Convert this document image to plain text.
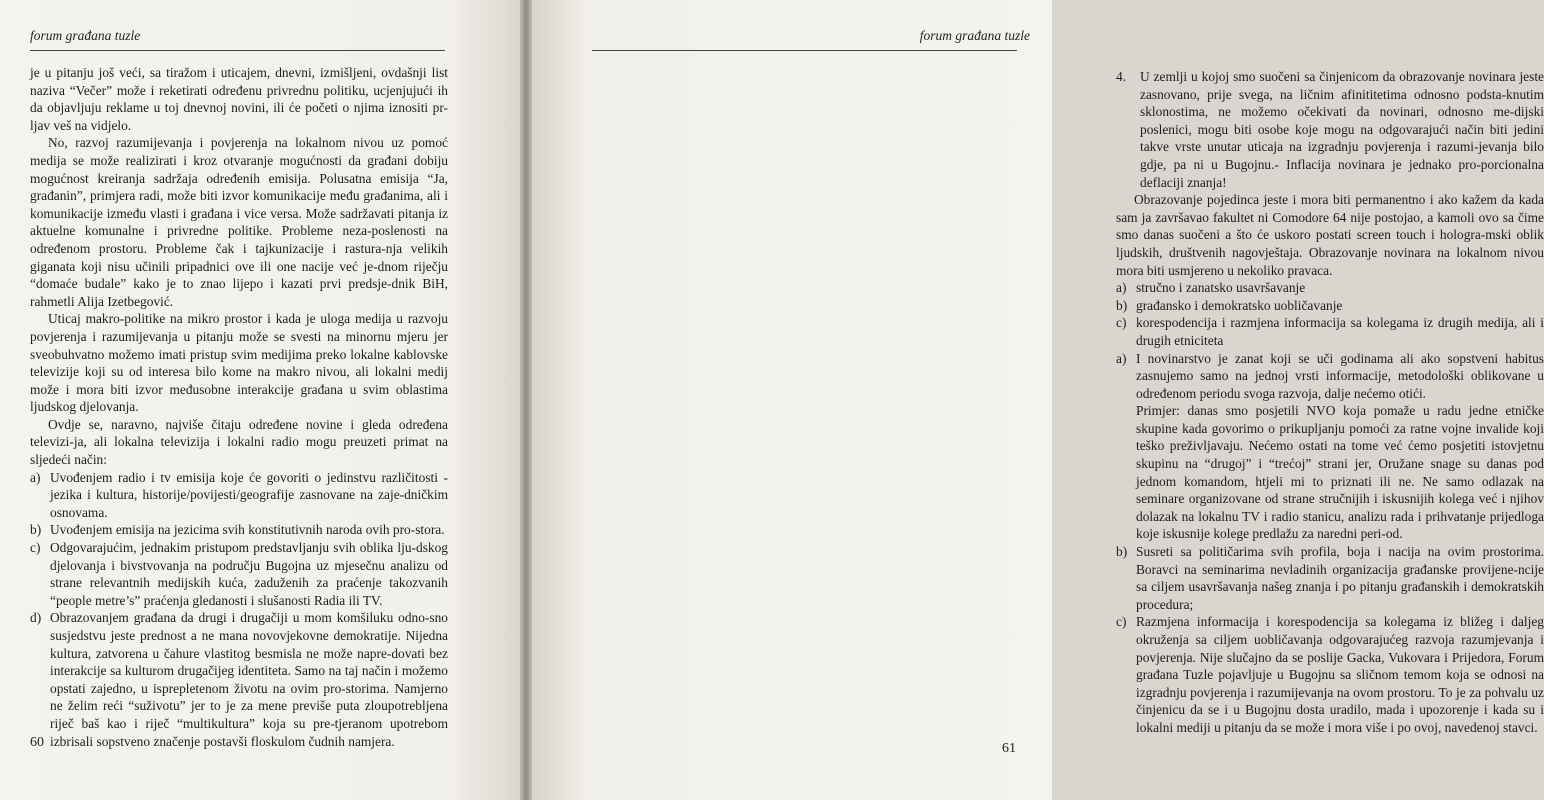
forum građana tuzle

je u pitanju još veći, sa tiražom i uticajem, dnevni, izmišljeni, ovdašnji list naziva “Večer” može i reketirati određenu privrednu politiku, ucjenjujući ih da objavljuju reklame u toj dnevnoj novini, ili će početi o njima iznositi pr-ljav veš na vidjelo.

No, razvoj razumijevanja i povjerenja na lokalnom nivou uz pomoć medija se može realizirati i kroz otvaranje mogućnosti da građani dobiju mogućnost kreiranja sadržaja određenih emisija. Polusatna emisija “Ja, građanin”, primjera radi, može biti izvor komunikacije među građanima, ali i komunikacije između vlasti i građana i vice versa. Može sadržavati pitanja iz aktuelne komunalne i privredne politike. Probleme neza-poslenosti na određenom prostoru. Probleme čak i tajkunizacije i rastura-nja velikih giganata koji nisu učinili pripadnici ove ili one nacije već je-dnom riječju “domaće budale” kako je to znao lijepo i kazati prvi predsje-dnik BiH, rahmetli Alija Izetbegović.

Uticaj makro-politike na mikro prostor i kada je uloga medija u razvoju povjerenja i razumijevanja u pitanju može se svesti na minornu mjeru jer sveobuhvatno možemo imati pristup svim medijima preko lokalne kablovske televizije koji su od interesa bilo kome na makro nivou, ali lokalni medij može i mora biti izvor međusobne interakcije građana u svim oblastima ljudskog djelovanja.

Ovdje se, naravno, najviše čitaju određene novine i gleda određena televizi-ja, ali lokalna televizija i lokalni radio mogu preuzeti primat na sljedeći način:

a) Uvođenjem radio i tv emisija koje će govoriti o jedinstvu različitosti - jezika i kultura, historije/povijesti/geografije zasnovane na zaje-dničkim osnovama.
b) Uvođenjem emisija na jezicima svih konstitutivnih naroda ovih pro-stora.
c) Odgovarajućim, jednakim pristupom predstavljanju svih oblika lju-dskog djelovanja i bivstvovanja na području Bugojna uz mjesečnu analizu od strane relevantnih medijskih kuća, zaduženih za praćenje takozvanih “people metre’s” praćenja gledanosti i slušanosti Radia ili TV.
d) Obrazovanjem građana da drugi i drugačiji u mom komšiluku odno-sno susjedstvu jeste prednost a ne mana novovjekovne demokratije. Nijedna kultura, zatvorena u čahure vlastitog besmisla ne može napre-dovati bez interakcije sa kulturom drugačijeg identiteta. Samo na taj način i možemo opstati zajedno, u isprepletenom životu na ovim pro-storima. Namjerno ne želim reći “suživotu” jer to je za mene previše puta zloupotrebljena riječ baš kao i riječ “multikultura” koja su pre-tjeranom upotrebom izbrisali sopstveno značenje postavši floskulom čudnih namjera.
60
forum građana tuzle
4.	U zemlji u kojoj smo suočeni sa činjenicom da obrazovanje novinara jeste zasnovano, prije svega, na ličnim afinititetima odnosno podsta-knutim sklonostima, ne možemo očekivati da novinari, odnosno me-dijski poslenici, mogu biti osobe koje mogu na odgovarajući način biti jedini takve vrste unutar uticaja na izgradnju povjerenja i razumi-jevanja bilo gdje, pa ni u Bugojnu.- Inflacija novinara je jednako pro-porcionalna deflaciji znanja!

Obrazovanje pojedinca jeste i mora biti permanentno i ako kažem da kada sam ja završavao fakultet ni Comodore 64 nije postojao, a kamoli ovo sa čime smo danas suočeni a što će uskoro postati screen touch i hologra-mski oblik ljudskih, društvenih nagovještaja. Obrazovanje novinara na lokalnom nivou mora biti usmjereno u nekoliko pravaca.

a) stručno i zanatsko usavršavanje
b) građansko i demokratsko uobličavanje
c) korespodencija i razmjena informacija sa kolegama iz drugih medija, ali i drugih etniciteta
a) I novinarstvo je zanat koji se uči godinama ali ako sopstveni habitus zasnujemo samo na jednoj vrsti informacije, metodološki oblikovane u određenom periodu svoga razvoja, dalje nećemo otići.
Primjer: danas smo posjetili NVO koja pomaže u radu jedne etničke skupine kada govorimo o prikupljanju pomoći za ratne vojne invalide koji teško preživljavaju. Nećemo ostati na tome već ćemo posjetiti istovjetnu skupinu na “drugoj” i “trećoj” strani jer, Oružane snage su danas pod jednom komandom, htjeli mi to priznati ili ne. Ne samo odlazak na seminare organizovane od strane stručnijih i iskusnijih kolega već i njihov dolazak na lokalnu TV i radio stanicu, analizu rada i prihvatanje prijedloga koje iskusnije kolege predlažu za naredni peri-od.
b) Susreti sa političarima svih profila, boja i nacija na ovim prostorima. Boravci na seminarima nevladinih organizacija građanske provijene-ncije sa ciljem usavršavanja našeg znanja i po pitanju građanskih i demokratskih procedura;
c) Razmjena informacija i korespodencija sa kolegama iz bližeg i daljeg okruženja sa ciljem uobličavanja odgovarajućeg razvoja razumjevanja i povjerenja. Nije slučajno da se poslije Gacka, Vukovara i Prijedora, Forum građana Tuzle pojavljuje u Bugojnu sa sličnom temom koja se odnosi na izgradnju povjerenja i razumijevanja na ovom prostoru. To je za pohvalu uz činjenicu da se i u Bugojnu dosta uradilo, mada i upozorenje i kada su i lokalni mediji u pitanju da se može i mora više i po ovoj, navedenoj stavci.
61
